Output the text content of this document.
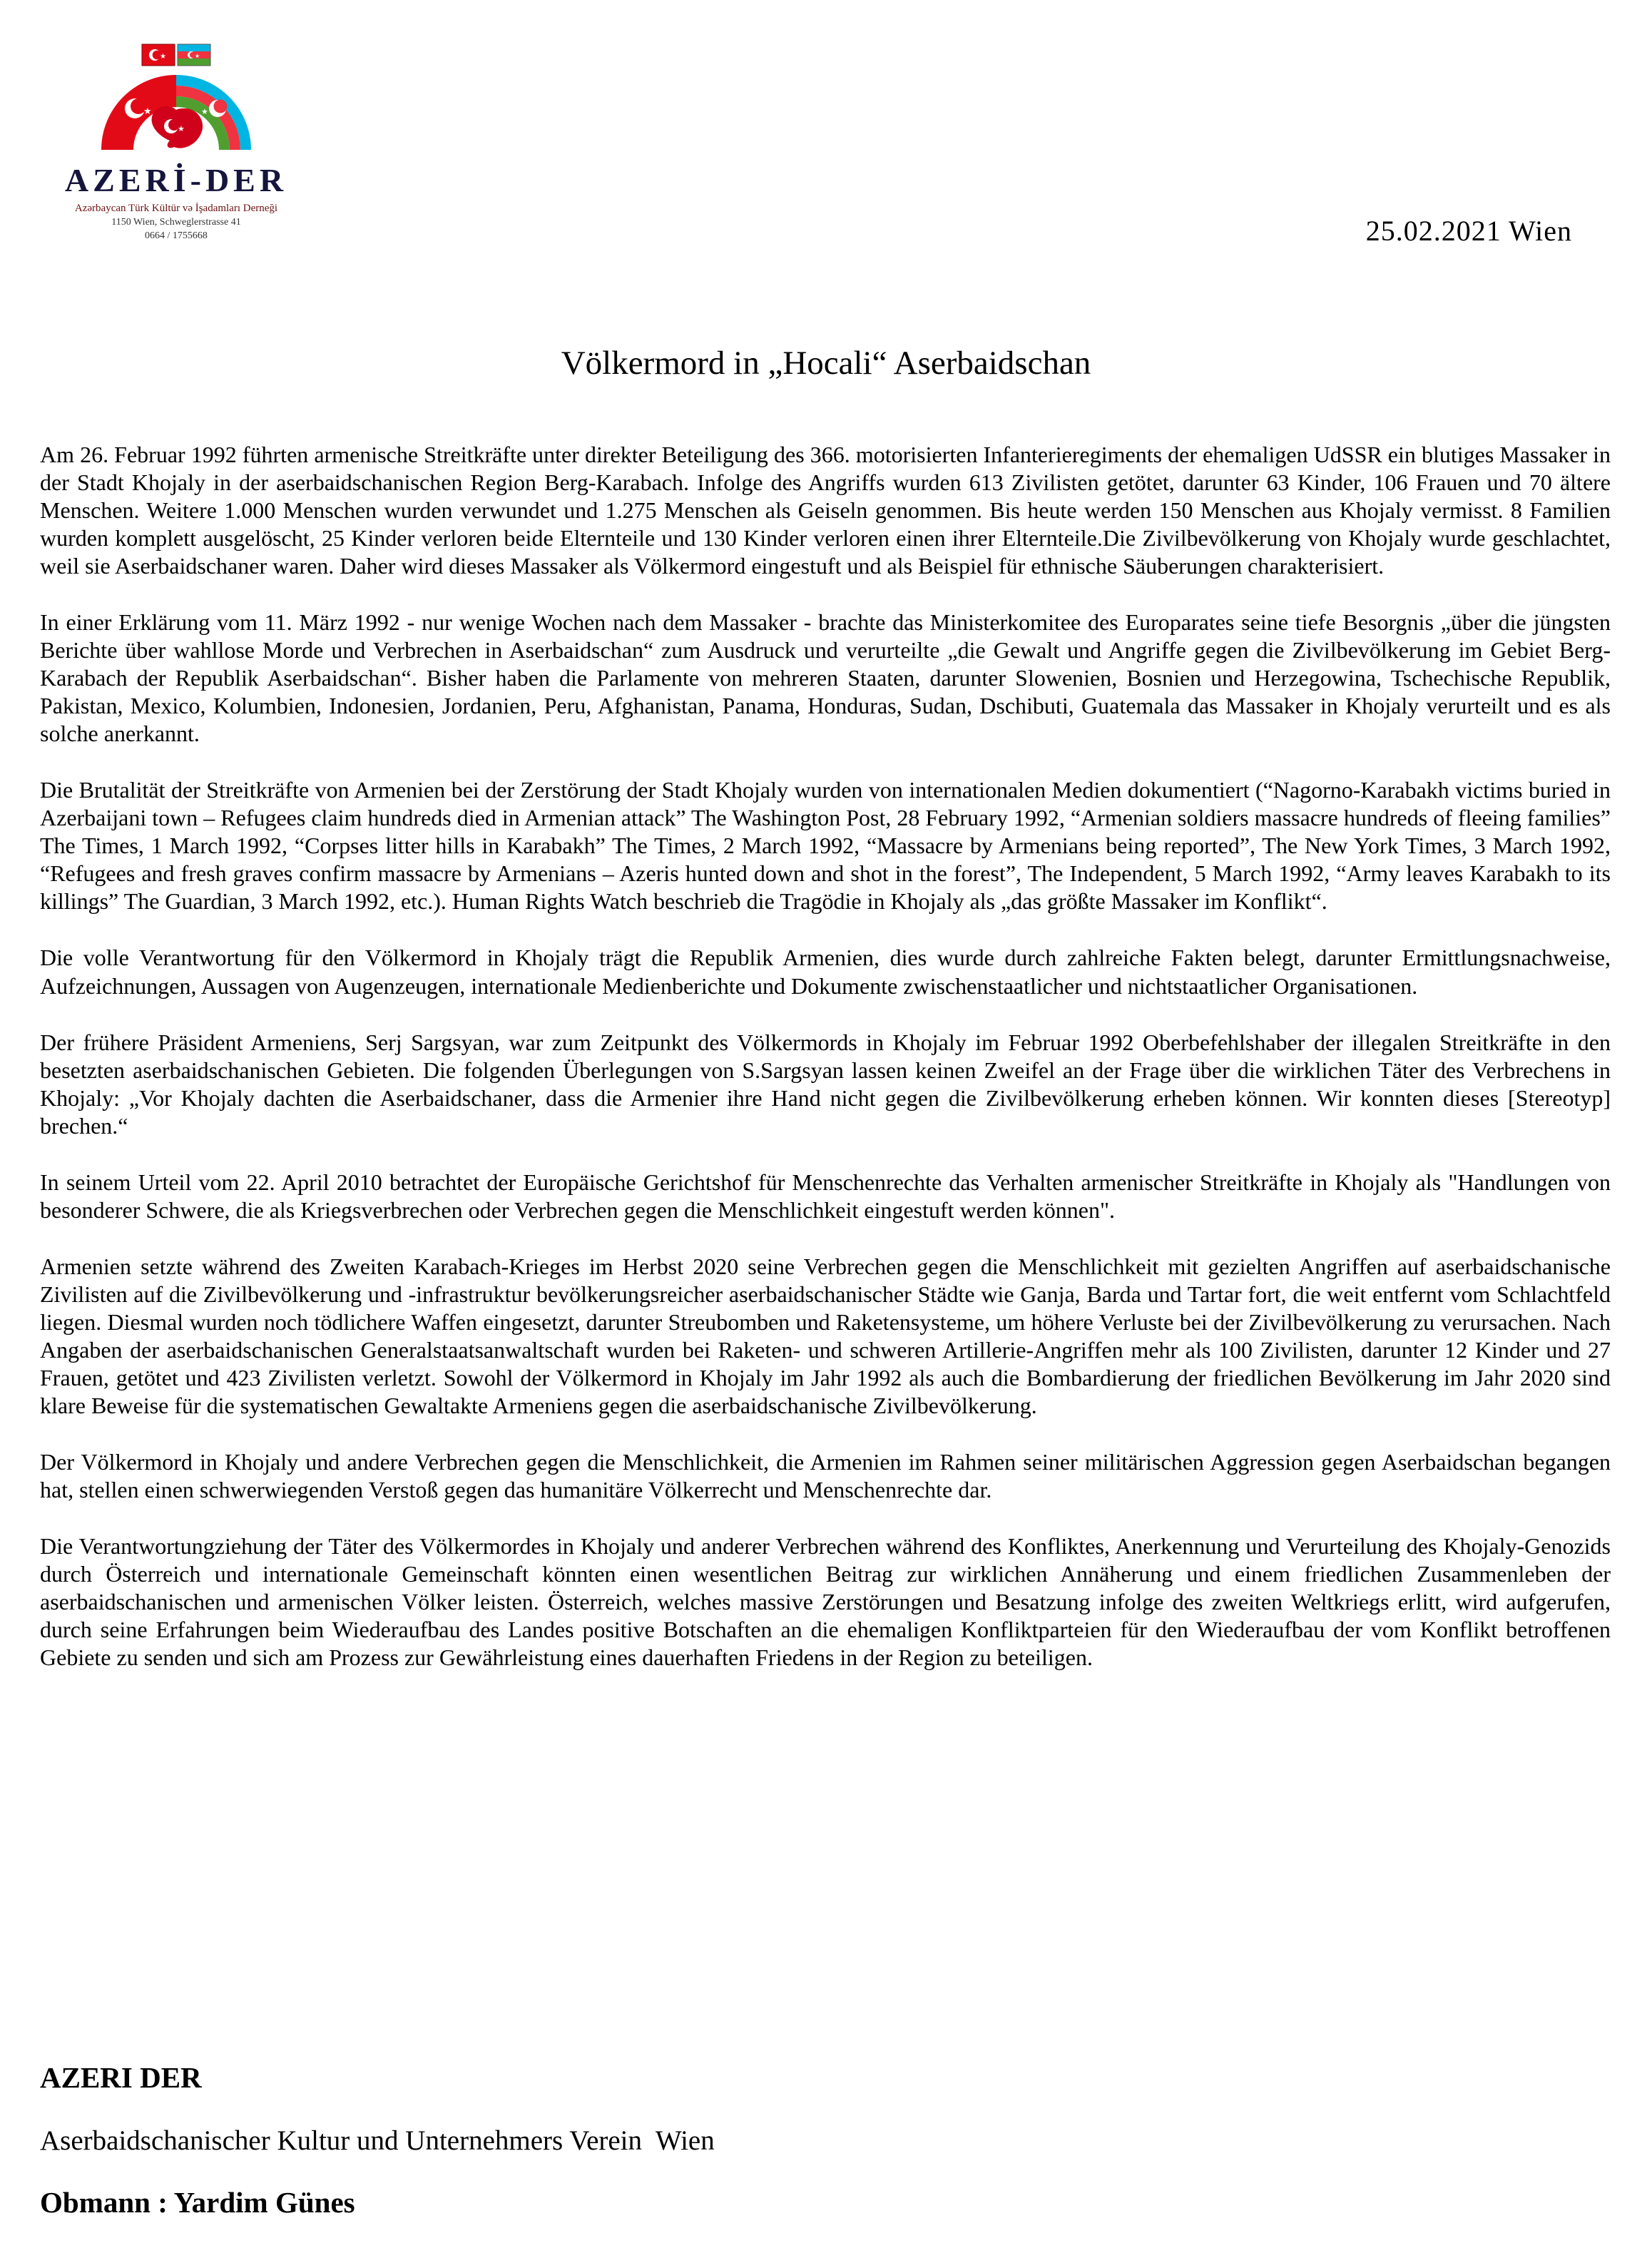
★	★
★	★
★
AZERİ-DER
Azərbaycan Türk Kültür və İşadamları Derneği
1150 Wien, Schweglerstrasse 41
0664 / 1755668	25.02.2021 Wien
Völkermord in „Hocali“ Aserbaidschan

Am 26. Februar 1992 führten armenische Streitkräfte unter direkter Beteiligung des 366. motorisierten Infanterieregiments der ehemaligen UdSSR ein blutiges Massaker in der Stadt Khojaly in der aserbaidschanischen Region Berg-Karabach. Infolge des Angriffs wurden 613 Zivilisten getötet, darunter 63 Kinder, 106 Frauen und 70 ältere Menschen. Weitere 1.000 Menschen wurden verwundet und 1.275 Menschen als Geiseln genommen. Bis heute werden 150 Menschen aus Khojaly vermisst. 8 Familien wurden komplett ausgelöscht, 25 Kinder verloren beide Elternteile und 130 Kinder verloren einen ihrer Elternteile.Die Zivilbevölkerung von Khojaly wurde geschlachtet, weil sie Aserbaidschaner waren. Daher wird dieses Massaker als Völkermord eingestuft und als Beispiel für ethnische Säuberungen charakterisiert.

In einer Erklärung vom 11. März 1992 - nur wenige Wochen nach dem Massaker - brachte das Ministerkomitee des Europarates seine tiefe Besorgnis „über die jüngsten Berichte über wahllose Morde und Verbrechen in Aserbaidschan“ zum Ausdruck und verurteilte „die Gewalt und Angriffe gegen die Zivilbevölkerung im Gebiet Berg-Karabach der Republik Aserbaidschan“. Bisher haben die Parlamente von mehreren Staaten, darunter Slowenien, Bosnien und Herzegowina, Tschechische Republik, Pakistan, Mexico, Kolumbien, Indonesien, Jordanien, Peru, Afghanistan, Panama, Honduras, Sudan, Dschibuti, Guatemala das Massaker in Khojaly verurteilt und es als solche anerkannt.

Die Brutalität der Streitkräfte von Armenien bei der Zerstörung der Stadt Khojaly wurden von internationalen Medien dokumentiert (“Nagorno-Karabakh victims buried in Azerbaijani town – Refugees claim hundreds died in Armenian attack” The Washington Post, 28 February 1992, “Armenian soldiers massacre hundreds of fleeing families” The Times, 1 March 1992, “Corpses litter hills in Karabakh” The Times, 2 March 1992, “Massacre by Armenians being reported”, The New York Times, 3 March 1992, “Refugees and fresh graves confirm massacre by Armenians – Azeris hunted down and shot in the forest”, The Independent, 5 March 1992, “Army leaves Karabakh to its killings” The Guardian, 3 March 1992, etc.). Human Rights Watch beschrieb die Tragödie in Khojaly als „das größte Massaker im Konflikt“.

Die volle Verantwortung für den Völkermord in Khojaly trägt die Republik Armenien, dies wurde durch zahlreiche Fakten belegt, darunter Ermittlungsnachweise, Aufzeichnungen, Aussagen von Augenzeugen, internationale Medienberichte und Dokumente zwischenstaatlicher und nichtstaatlicher Organisationen.

Der frühere Präsident Armeniens, Serj Sargsyan, war zum Zeitpunkt des Völkermords in Khojaly im Februar 1992 Oberbefehlshaber der illegalen Streitkräfte in den besetzten aserbaidschanischen Gebieten. Die folgenden Überlegungen von S.Sargsyan lassen keinen Zweifel an der Frage über die wirklichen Täter des Verbrechens in Khojaly: „Vor Khojaly dachten die Aserbaidschaner, dass die Armenier ihre Hand nicht gegen die Zivilbevölkerung erheben können. Wir konnten dieses [Stereotyp] brechen.“

In seinem Urteil vom 22. April 2010 betrachtet der Europäische Gerichtshof für Menschenrechte das Verhalten armenischer Streitkräfte in Khojaly als "Handlungen von besonderer Schwere, die als Kriegsverbrechen oder Verbrechen gegen die Menschlichkeit eingestuft werden können".

Armenien setzte während des Zweiten Karabach-Krieges im Herbst 2020 seine Verbrechen gegen die Menschlichkeit mit gezielten Angriffen auf aserbaidschanische Zivilisten auf die Zivilbevölkerung und -infrastruktur bevölkerungsreicher aserbaidschanischer Städte wie Ganja, Barda und Tartar fort, die weit entfernt vom Schlachtfeld liegen. Diesmal wurden noch tödlichere Waffen eingesetzt, darunter Streubomben und Raketensysteme, um höhere Verluste bei der Zivilbevölkerung zu verursachen. Nach Angaben der aserbaidschanischen Generalstaatsanwaltschaft wurden bei Raketen- und schweren Artillerie-Angriffen mehr als 100 Zivilisten, darunter 12 Kinder und 27 Frauen, getötet und 423 Zivilisten verletzt. Sowohl der Völkermord in Khojaly im Jahr 1992 als auch die Bombardierung der friedlichen Bevölkerung im Jahr 2020 sind klare Beweise für die systematischen Gewaltakte Armeniens gegen die aserbaidschanische Zivilbevölkerung.

Der Völkermord in Khojaly und andere Verbrechen gegen die Menschlichkeit, die Armenien im Rahmen seiner militärischen Aggression gegen Aserbaidschan begangen hat, stellen einen schwerwiegenden Verstoß gegen das humanitäre Völkerrecht und Menschenrechte dar.

Die Verantwortungziehung der Täter des Völkermordes in Khojaly und anderer Verbrechen während des Konfliktes, Anerkennung und Verurteilung des Khojaly-Genozids durch Österreich und internationale Gemeinschaft könnten einen wesentlichen Beitrag zur wirklichen Annäherung und einem friedlichen Zusammenleben der aserbaidschanischen und armenischen Völker leisten. Österreich, welches massive Zerstörungen und Besatzung infolge des zweiten Weltkriegs erlitt, wird aufgerufen, durch seine Erfahrungen beim Wiederaufbau des Landes positive Botschaften an die ehemaligen Konfliktparteien für den Wiederaufbau der vom Konflikt betroffenen Gebiete zu senden und sich am Prozess zur Gewährleistung eines dauerhaften Friedens in der Region zu beteiligen.

AZERI DER
Aserbaidschanischer Kultur und Unternehmers Verein  Wien
Obmann : Yardim Günes
